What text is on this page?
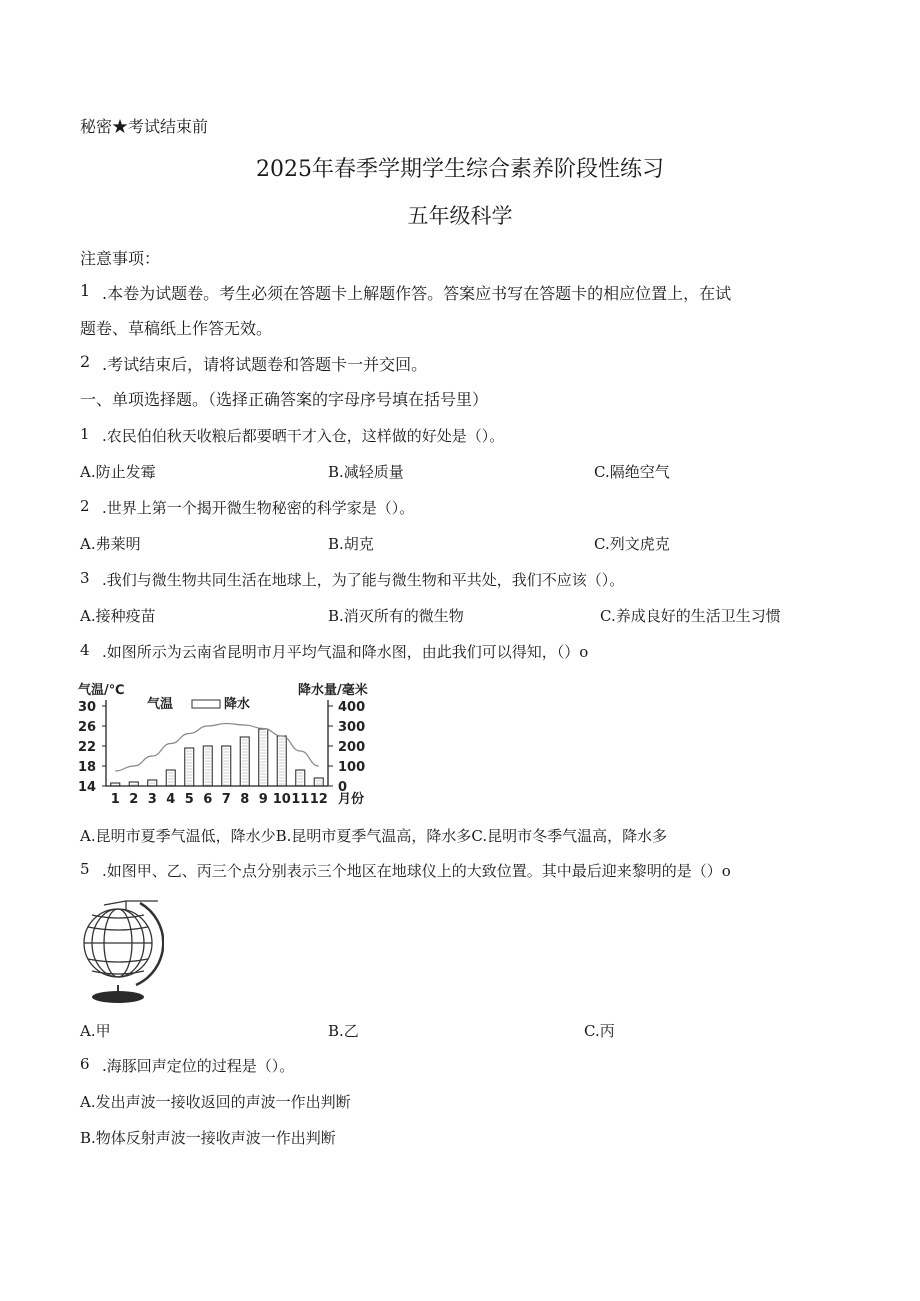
秘密★考试结束前
2025年春季学期学生综合素养阶段性练习
五年级科学
注意事项：
1 .本卷为试题卷。考生必须在答题卡上解题作答。答案应书写在答题卡的相应位置上，在试
题卷、草稿纸上作答无效。
2 .考试结束后，请将试题卷和答题卡一并交回。
一、单项选择题。（选择正确答案的字母序号填在括号里）
1 .农民伯伯秋天收粮后都要晒干才入仓，这样做的好处是（）。
A.防止发霉	B.减轻质量	C.隔绝空气
2 .世界上第一个揭开微生物秘密的科学家是（）。
A.弗莱明	B.胡克	C.列文虎克
3 .我们与微生物共同生活在地球上，为了能与微生物和平共处，我们不应该（）。
A.接种疫苗	B.消灭所有的微生物	C.养成良好的生活卫生习惯
4 .如图所示为云南省昆明市月平均气温和降水图，由此我们可以得知，（）o
气温/℃	降水量/毫米
气温	降水
30
26
22
18
14
400
300
200
100
0
1 2 3 4 5 6 7 8 9 10 11 12 月份
A.昆明市夏季气温低，降水少B.昆明市夏季气温高，降水多C.昆明市冬季气温高，降水多
5 .如图甲、乙、丙三个点分别表示三个地区在地球仪上的大致位置。其中最后迎来黎明的是（）o
A.甲	B.乙	C.丙
6 .海豚回声定位的过程是（）。
A.发出声波一接收返回的声波一作出判断
B.物体反射声波一接收声波一作出判断
